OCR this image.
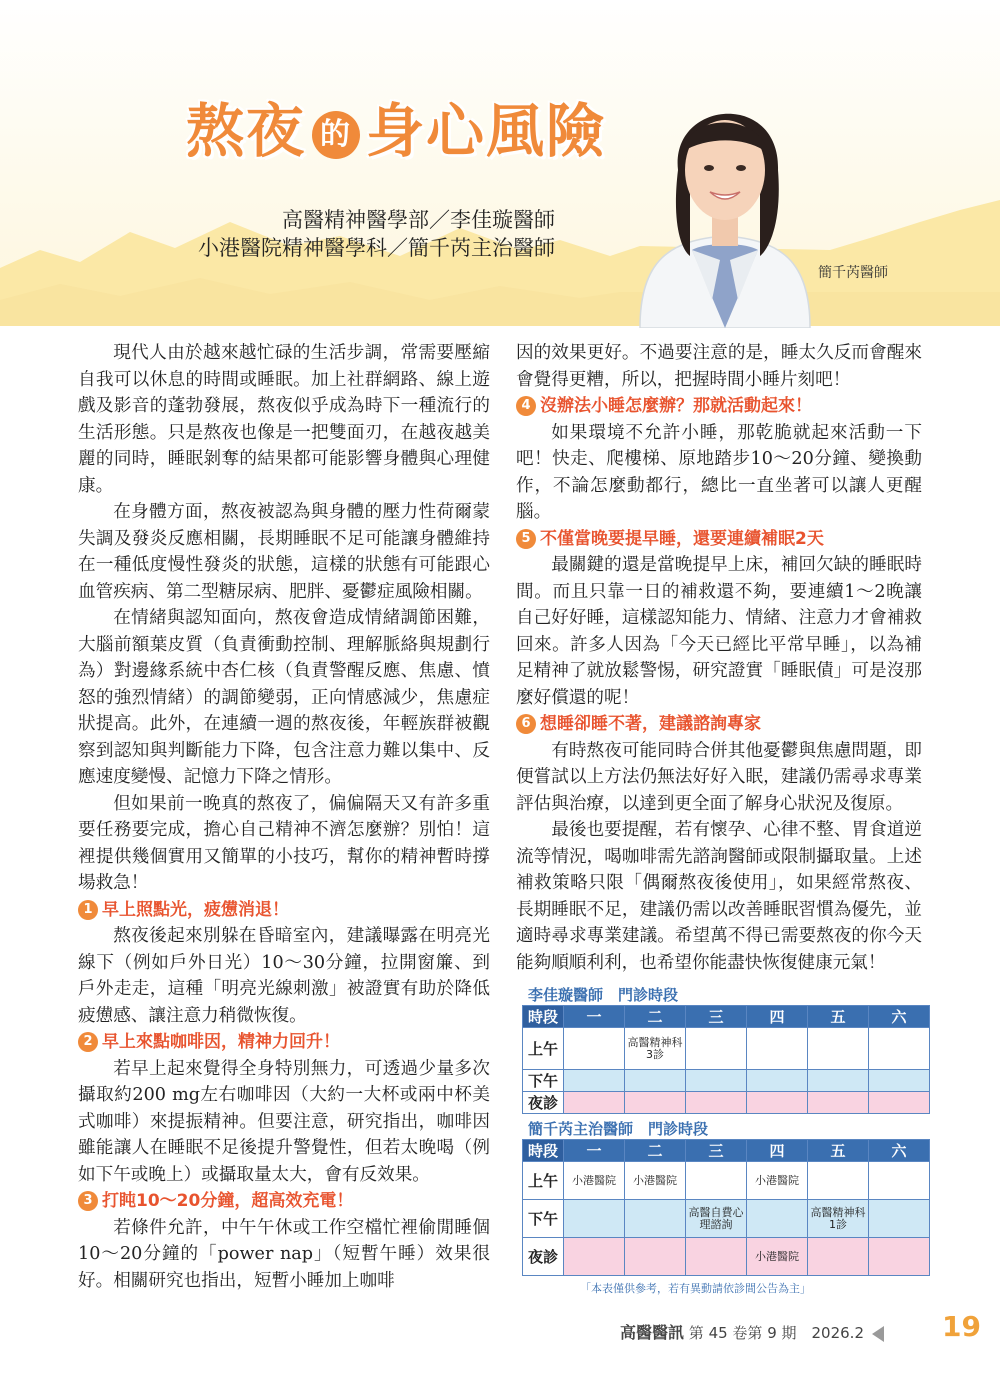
熬夜 的 身心風險
高醫精神醫學部／李佳璇醫師
小港醫院精神醫學科／簡千芮主治醫師
簡千芮醫師

現代人由於越來越忙碌的生活步調，常需要壓縮自我可以休息的時間或睡眠。加上社群網路、線上遊戲及影音的蓬勃發展，熬夜似乎成為時下一種流行的生活形態。只是熬夜也像是一把雙面刃，在越夜越美麗的同時，睡眠剝奪的結果都可能影響身體與心理健康。

在身體方面，熬夜被認為與身體的壓力性荷爾蒙失調及發炎反應相關，長期睡眠不足可能讓身體維持在一種低度慢性發炎的狀態，這樣的狀態有可能跟心血管疾病、第二型糖尿病、肥胖、憂鬱症風險相關。

在情緒與認知面向，熬夜會造成情緒調節困難，大腦前額葉皮質（負責衝動控制、理解脈絡與規劃行為）對邊緣系統中杏仁核（負責警醒反應、焦慮、憤怒的強烈情緒）的調節變弱，正向情感減少，焦慮症狀提高。此外，在連續一週的熬夜後，年輕族群被觀察到認知與判斷能力下降，包含注意力難以集中、反應速度變慢、記憶力下降之情形。

但如果前一晚真的熬夜了，偏偏隔天又有許多重要任務要完成，擔心自己精神不濟怎麼辦？別怕！這裡提供幾個實用又簡單的小技巧，幫你的精神暫時撐場救急！

1 早上照點光，疲憊消退！

熬夜後起來別躲在昏暗室內，建議曝露在明亮光線下（例如戶外日光）10～30分鐘，拉開窗簾、到戶外走走，這種「明亮光線刺激」被證實有助於降低疲憊感、讓注意力稍微恢復。

2 早上來點咖啡因，精神力回升！

若早上起來覺得全身特別無力，可透過少量多次攝取約200 mg左右咖啡因（大約一大杯或兩中杯美式咖啡）來提振精神。但要注意，研究指出，咖啡因雖能讓人在睡眠不足後提升警覺性，但若太晚喝（例如下午或晚上）或攝取量太大，會有反效果。

3 打盹10～20分鐘，超高效充電！

若條件允許，中午午休或工作空檔忙裡偷閒睡個10～20分鐘的「power nap」（短暫午睡）效果很好。相關研究也指出，短暫小睡加上咖啡

因的效果更好。不過要注意的是，睡太久反而會醒來會覺得更糟，所以，把握時間小睡片刻吧！

4 沒辦法小睡怎麼辦？那就活動起來！

如果環境不允許小睡，那乾脆就起來活動一下吧！快走、爬樓梯、原地踏步10～20分鐘、變換動作，不論怎麼動都行，總比一直坐著可以讓人更醒腦。

5 不僅當晚要提早睡，還要連續補眠2天

最關鍵的還是當晚提早上床，補回欠缺的睡眠時間。而且只靠一日的補救還不夠，要連續1～2晚讓自己好好睡，這樣認知能力、情緒、注意力才會補救回來。許多人因為「今天已經比平常早睡」，以為補足精神了就放鬆警惕，研究證實「睡眠債」可是沒那麼好償還的呢！

6 想睡卻睡不著，建議諮詢專家

有時熬夜可能同時合併其他憂鬱與焦慮問題，即便嘗試以上方法仍無法好好入眠，建議仍需尋求專業評估與治療，以達到更全面了解身心狀況及復原。

最後也要提醒，若有懷孕、心律不整、胃食道逆流等情況，喝咖啡需先諮詢醫師或限制攝取量。上述補救策略只限「偶爾熬夜後使用」，如果經常熬夜、長期睡眠不足，建議仍需以改善睡眠習慣為優先，並適時尋求專業建議。希望萬不得已需要熬夜的你今天能夠順順利利，也希望你能盡快恢復健康元氣！

李佳璇醫師　門診時段
時段	一	二	三	四	五	六
上午		高醫精神科3診				
下午						
夜診						
簡千芮主治醫師　門診時段
時段	一	二	三	四	五	六
上午	小港醫院	小港醫院		小港醫院		
下午			高醫自費心理諮詢		高醫精神科1診	
夜診				小港醫院		
「本表僅供參考，若有異動請依診間公告為主」
高醫醫訊 第 45 卷第 9 期　2026.2	19
